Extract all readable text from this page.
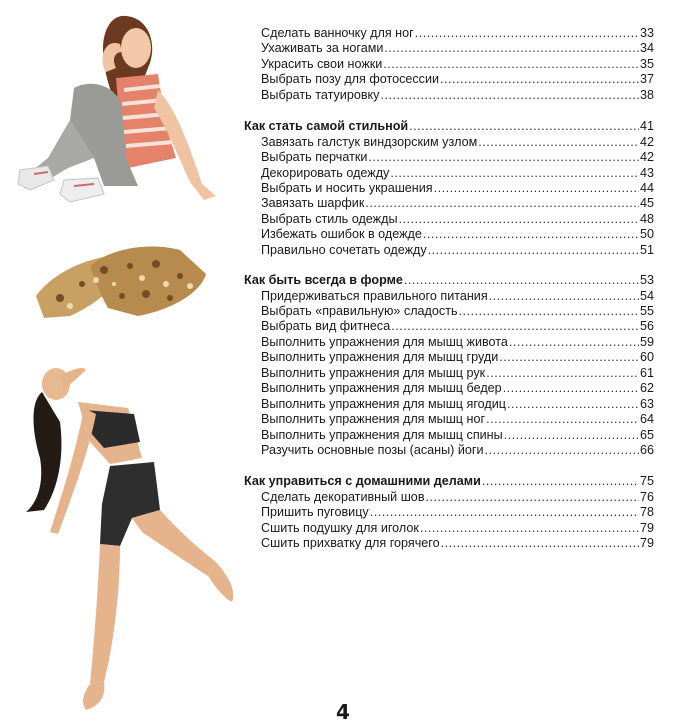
Сделать ванночку для ног .....	33
Ухаживать за ногами .....	34
Украсить свои ножки .....	35
Выбрать позу для фотосессии .....	37
Выбрать татуировку .....	38
Как стать самой стильной .....	41
Завязать галстук виндзорским узлом .....	42
Выбрать перчатки .....	42
Декорировать одежду .....	43
Выбрать и носить украшения .....	44
Завязать шарфик .....	45
Выбрать стиль одежды .....	48
Избежать ошибок в одежде .....	50
Правильно сочетать одежду .....	51
Как быть всегда в форме .....	53
Придерживаться правильного питания .....	54
Выбрать «правильную» сладость .....	55
Выбрать вид фитнеса .....	56
Выполнить упражнения для мышц живота .....	59
Выполнить упражнения для мышц груди .....	60
Выполнить упражнения для мышц рук .....	61
Выполнить упражнения для мышц бедер .....	62
Выполнить упражнения для мышц ягодиц .....	63
Выполнить упражнения для мышц ног .....	64
Выполнить упражнения для мышц спины .....	65
Разучить основные позы (асаны) йоги .....	66
Как управиться с домашними делами .....	75
Сделать декоративный шов .....	76
Пришить пуговицу .....	78
Сшить подушку для иголок .....	79
Сшить прихватку для горячего .....	79
4
